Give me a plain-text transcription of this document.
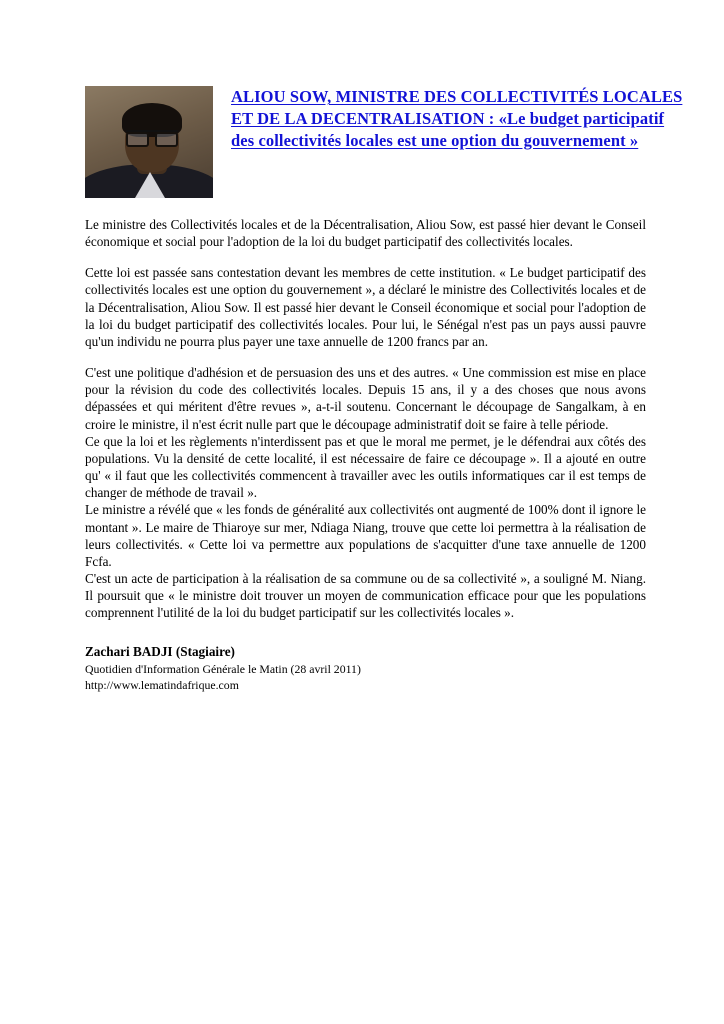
ALIOU SOW, MINISTRE DES COLLECTIVITÉS LOCALES ET DE LA DECENTRALISATION : «Le budget participatif des collectivités locales est une option du gouvernement »

Le ministre des Collectivités locales et de la Décentralisation, Aliou Sow, est passé hier devant le Conseil économique et social pour l'adoption de la loi du budget participatif des collectivités locales.

Cette loi est passée sans contestation devant les membres de cette institution. « Le budget participatif des collectivités locales est une option du gouvernement », a déclaré le ministre des Collectivités locales et de la Décentralisation, Aliou Sow. Il est passé hier devant le Conseil économique et social pour l'adoption de la loi du budget participatif des collectivités locales. Pour lui, le Sénégal n'est pas un pays aussi pauvre qu'un individu ne pourra plus payer une taxe annuelle de 1200 francs par an.

C'est une politique d'adhésion et de persuasion des uns et des autres. « Une commission est mise en place pour la révision du code des collectivités locales. Depuis 15 ans, il y a des choses que nous avons dépassées et qui méritent d'être revues », a-t-il soutenu. Concernant le découpage de Sangalkam, à en croire le ministre, il n'est écrit nulle part que le découpage administratif doit se faire à telle période.

Ce que la loi et les règlements n'interdissent pas et que le moral me permet, je le défendrai aux côtés des populations. Vu la densité de cette localité, il est nécessaire de faire ce découpage ». Il a ajouté en outre qu' « il faut que les collectivités commencent à travailler avec les outils informatiques car il est temps de changer de méthode de travail ».

Le ministre a révélé que « les fonds de généralité aux collectivités ont augmenté de 100% dont il ignore le montant ». Le maire de Thiaroye sur mer, Ndiaga Niang, trouve que cette loi permettra à la réalisation de leurs collectivités. « Cette loi va permettre aux populations de s'acquitter d'une taxe annuelle de 1200 Fcfa.

C'est un acte de participation à la réalisation de sa commune ou de sa collectivité », a souligné M. Niang. Il poursuit que « le ministre doit trouver un moyen de communication efficace pour que les populations comprennent l'utilité de la loi du budget participatif sur les collectivités locales ».

Zachari BADJI (Stagiaire)
Quotidien d'Information Générale le Matin (28 avril 2011)
http://www.lematindafrique.com
